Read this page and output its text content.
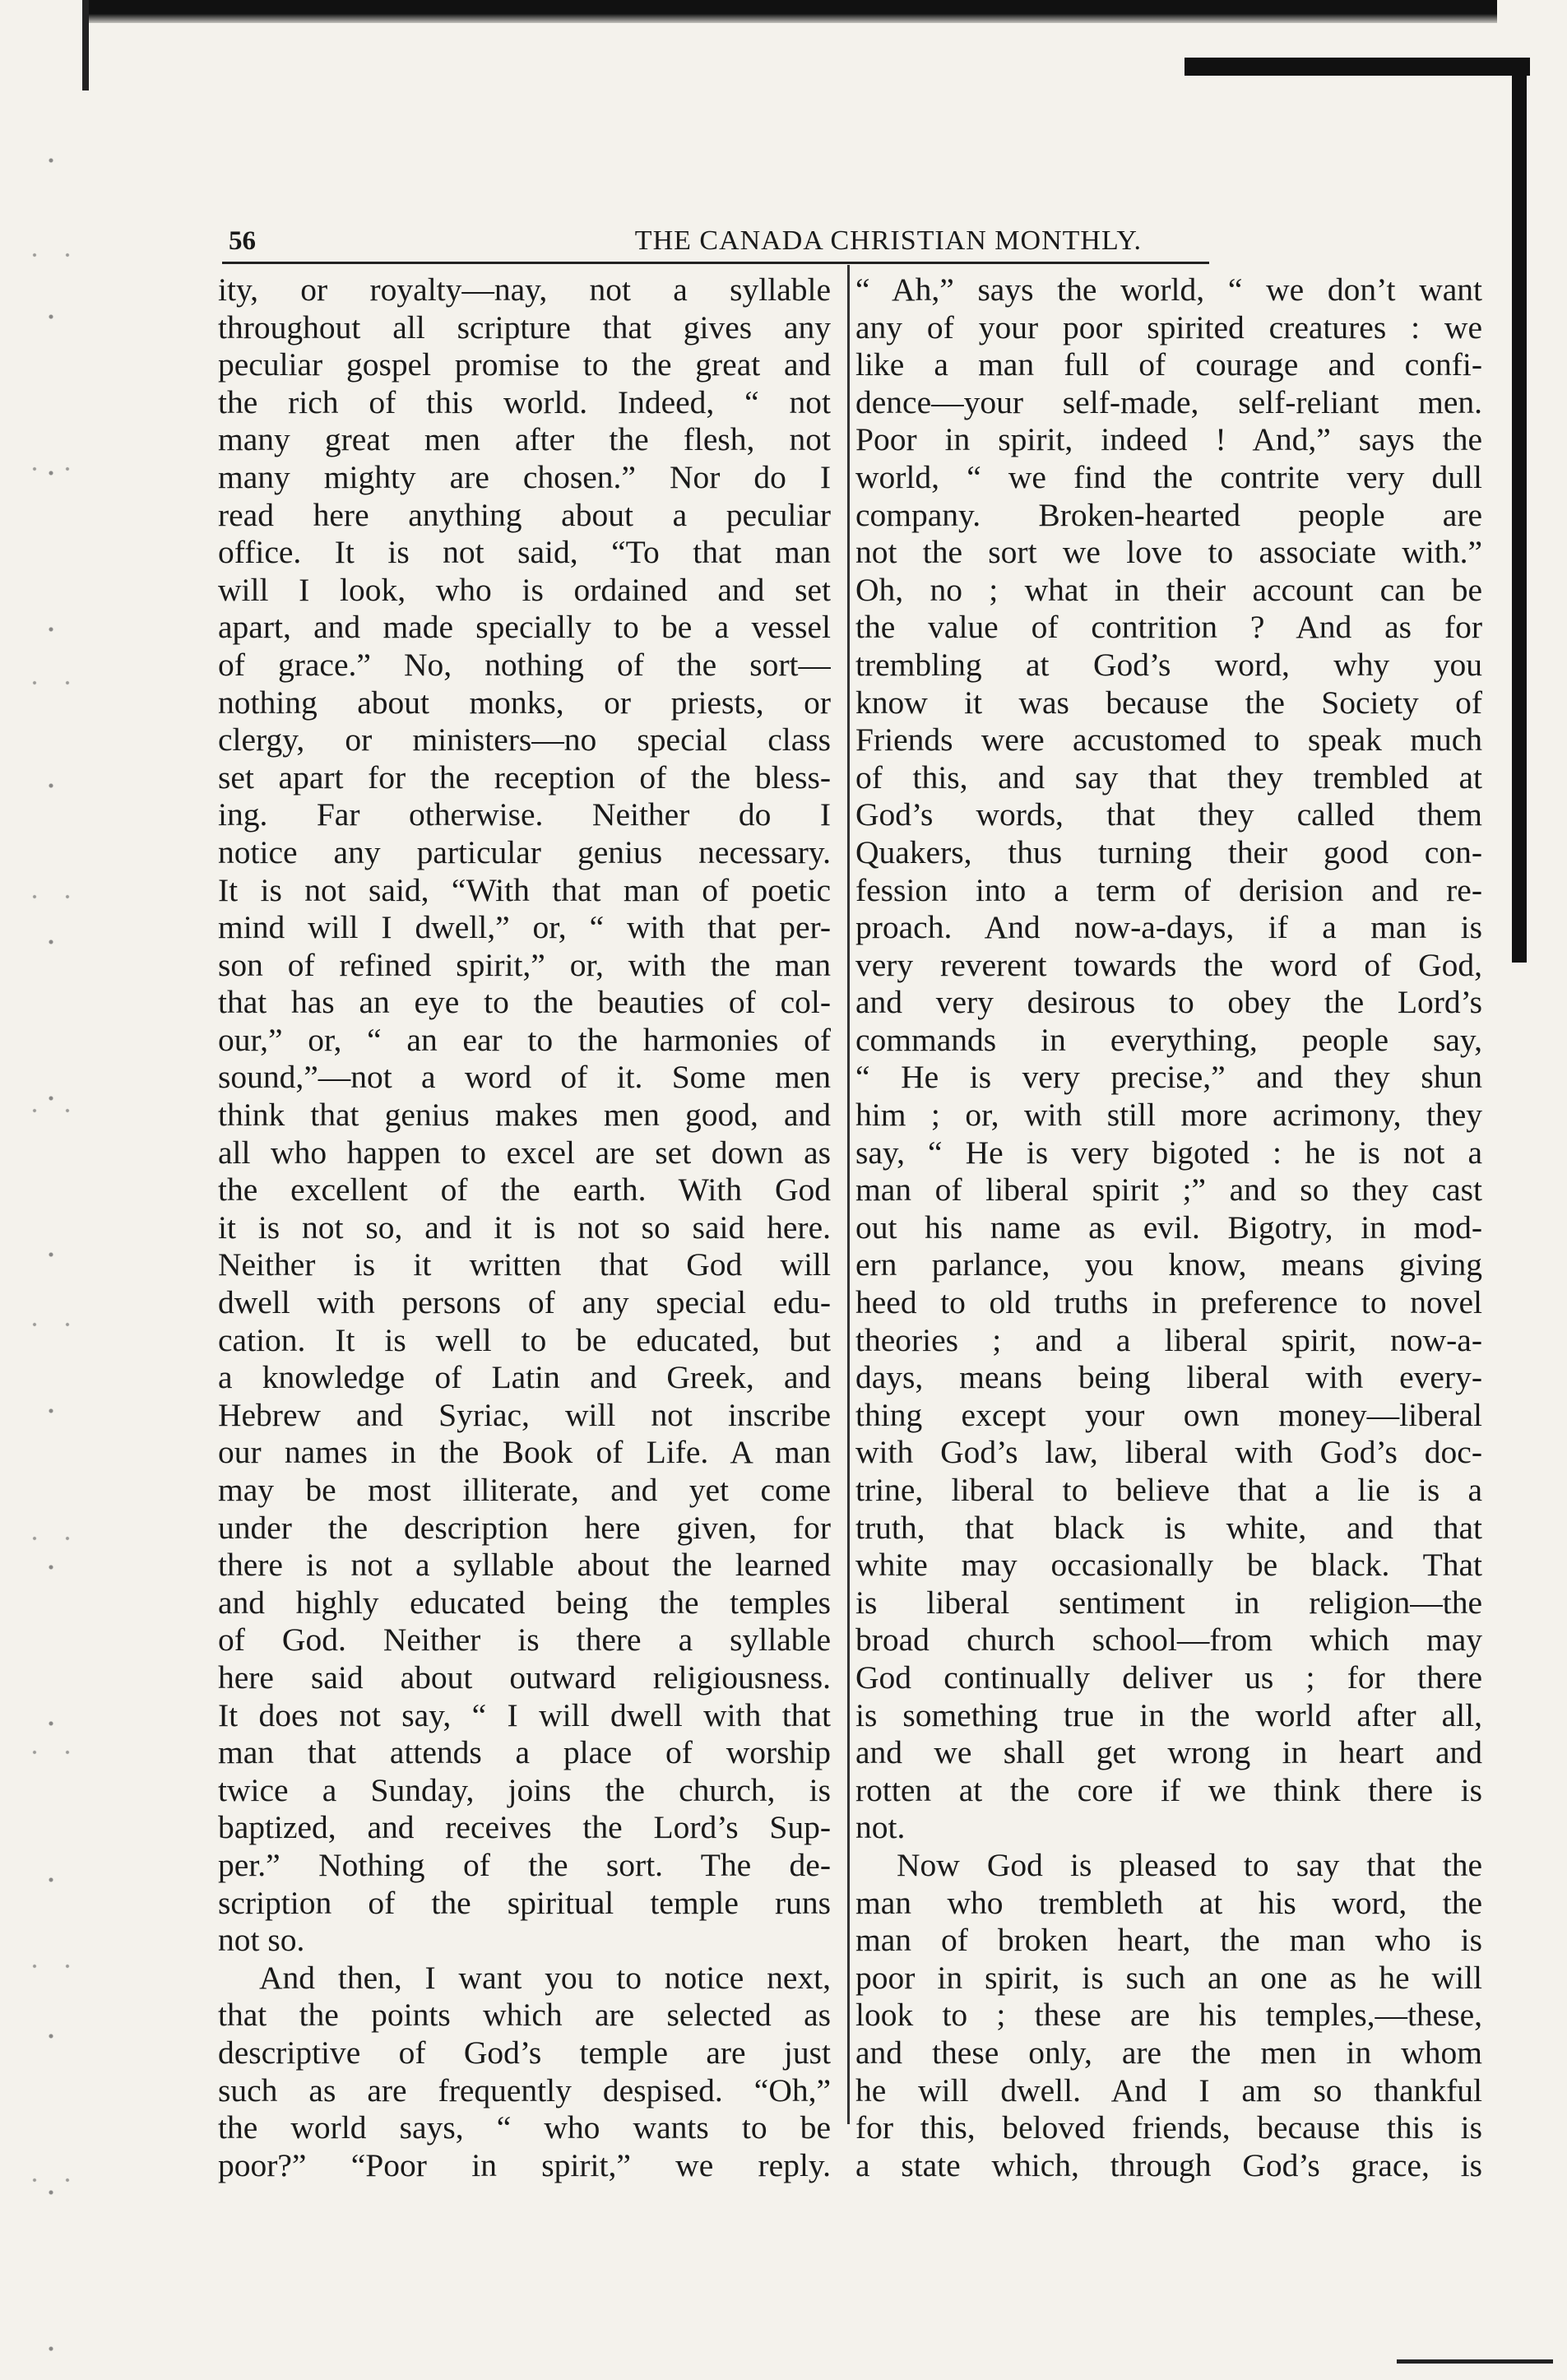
56	THE CANADA CHRISTIAN MONTHLY.
ity, or royalty—nay, not a syllable
throughout all scripture that gives any
peculiar gospel promise to the great and
the rich of this world. Indeed, “ not
many great men after the flesh, not
many mighty are chosen.” Nor do I
read here anything about a peculiar
office. It is not said, “To that man
will I look, who is ordained and set
apart, and made specially to be a vessel
of grace.” No, nothing of the sort—
nothing about monks, or priests, or
clergy, or ministers—no special class
set apart for the reception of the bless-
ing. Far otherwise. Neither do I
notice any particular genius necessary.
It is not said, “With that man of poetic
mind will I dwell,” or, “ with that per-
son of refined spirit,” or, with the man
that has an eye to the beauties of col-
our,” or, “ an ear to the harmonies of
sound,”—not a word of it. Some men
think that genius makes men good, and
all who happen to excel are set down as
the excellent of the earth. With God
it is not so, and it is not so said here.
Neither is it written that God will
dwell with persons of any special edu-
cation. It is well to be educated, but
a knowledge of Latin and Greek, and
Hebrew and Syriac, will not inscribe
our names in the Book of Life. A man
may be most illiterate, and yet come
under the description here given, for
there is not a syllable about the learned
and highly educated being the temples
of God. Neither is there a syllable
here said about outward religiousness.
It does not say, “ I will dwell with that
man that attends a place of worship
twice a Sunday, joins the church, is
baptized, and receives the Lord’s Sup-
per.” Nothing of the sort. The de-
scription of the spiritual temple runs
not so.
And then, I want you to notice next,
that the points which are selected as
descriptive of God’s temple are just
such as are frequently despised. “Oh,”
the world says, “ who wants to be
poor?” “Poor in spirit,” we reply.
“ Ah,” says the world, “ we don’t want
any of your poor spirited creatures : we
like a man full of courage and confi-
dence—your self-made, self-reliant men.
Poor in spirit, indeed ! And,” says the
world, “ we find the contrite very dull
company. Broken-hearted people are
not the sort we love to associate with.”
Oh, no ; what in their account can be
the value of contrition ? And as for
trembling at God’s word, why you
know it was because the Society of
Friends were accustomed to speak much
of this, and say that they trembled at
God’s words, that they called them
Quakers, thus turning their good con-
fession into a term of derision and re-
proach. And now-a-days, if a man is
very reverent towards the word of God,
and very desirous to obey the Lord’s
commands in everything, people say,
“ He is very precise,” and they shun
him ; or, with still more acrimony, they
say, “ He is very bigoted : he is not a
man of liberal spirit ;” and so they cast
out his name as evil. Bigotry, in mod-
ern parlance, you know, means giving
heed to old truths in preference to novel
theories ; and a liberal spirit, now-a-
days, means being liberal with every-
thing except your own money—liberal
with God’s law, liberal with God’s doc-
trine, liberal to believe that a lie is a
truth, that black is white, and that
white may occasionally be black. That
is liberal sentiment in religion—the
broad church school—from which may
God continually deliver us ; for there
is something true in the world after all,
and we shall get wrong in heart and
rotten at the core if we think there is
not.
Now God is pleased to say that the
man who trembleth at his word, the
man of broken heart, the man who is
poor in spirit, is such an one as he will
look to ; these are his temples,—these,
and these only, are the men in whom
he will dwell. And I am so thankful
for this, beloved friends, because this is
a state which, through God’s grace, is
